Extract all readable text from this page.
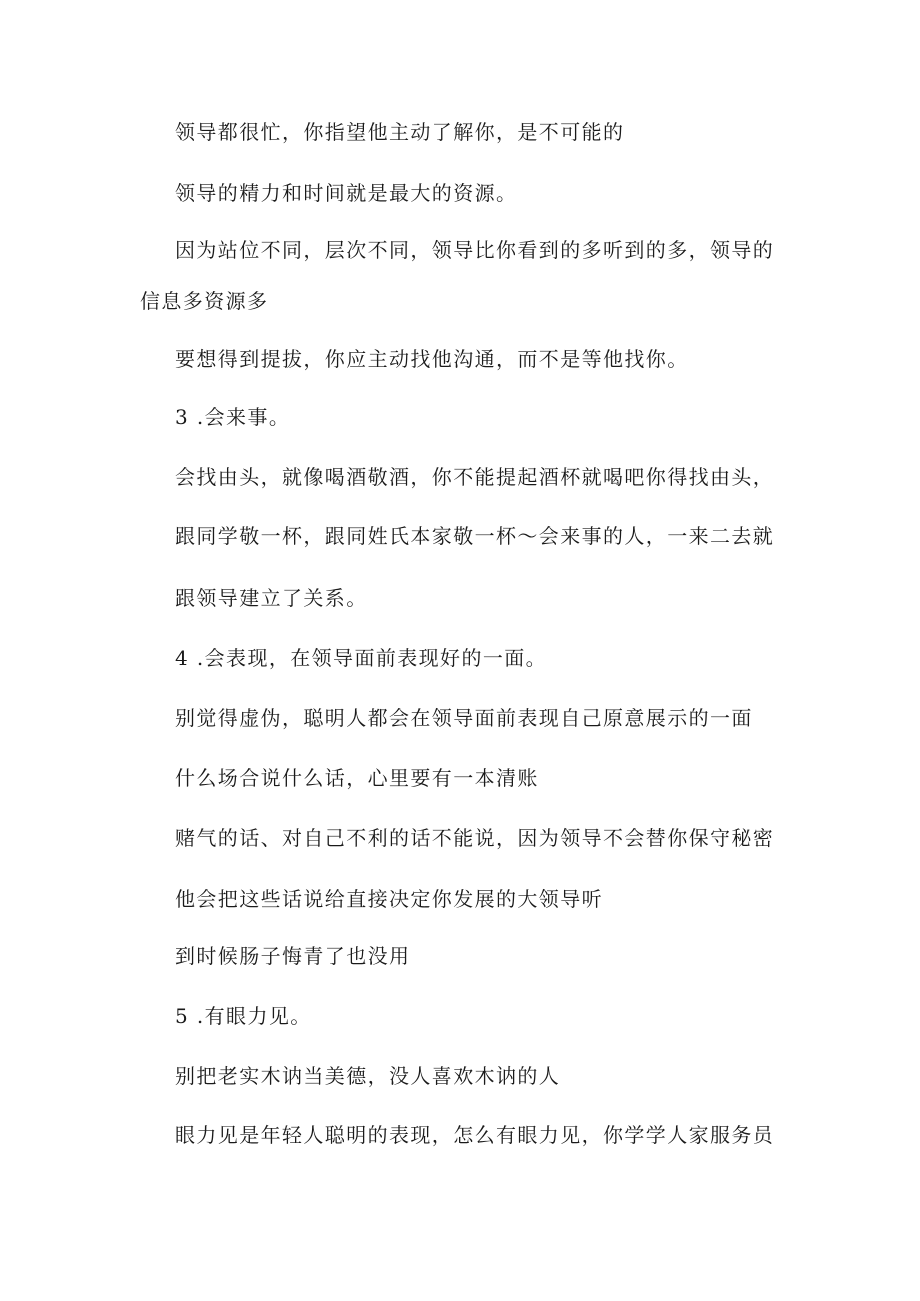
领导都很忙，你指望他主动了解你，是不可能的
领导的精力和时间就是最大的资源。
因为站位不同，层次不同，领导比你看到的多听到的多，领导的
信息多资源多
要想得到提拔，你应主动找他沟通，而不是等他找你。
3 .会来事。
会找由头，就像喝酒敬酒，你不能提起酒杯就喝吧你得找由头，
跟同学敬一杯，跟同姓氏本家敬一杯～会来事的人，一来二去就
跟领导建立了关系。
4 .会表现，在领导面前表现好的一面。
别觉得虚伪，聪明人都会在领导面前表现自己原意展示的一面
什么场合说什么话，心里要有一本清账
赌气的话、对自己不利的话不能说，因为领导不会替你保守秘密
他会把这些话说给直接决定你发展的大领导听
到时候肠子悔青了也没用
5 .有眼力见。
别把老实木讷当美德，没人喜欢木讷的人
眼力见是年轻人聪明的表现，怎么有眼力见，你学学人家服务员
